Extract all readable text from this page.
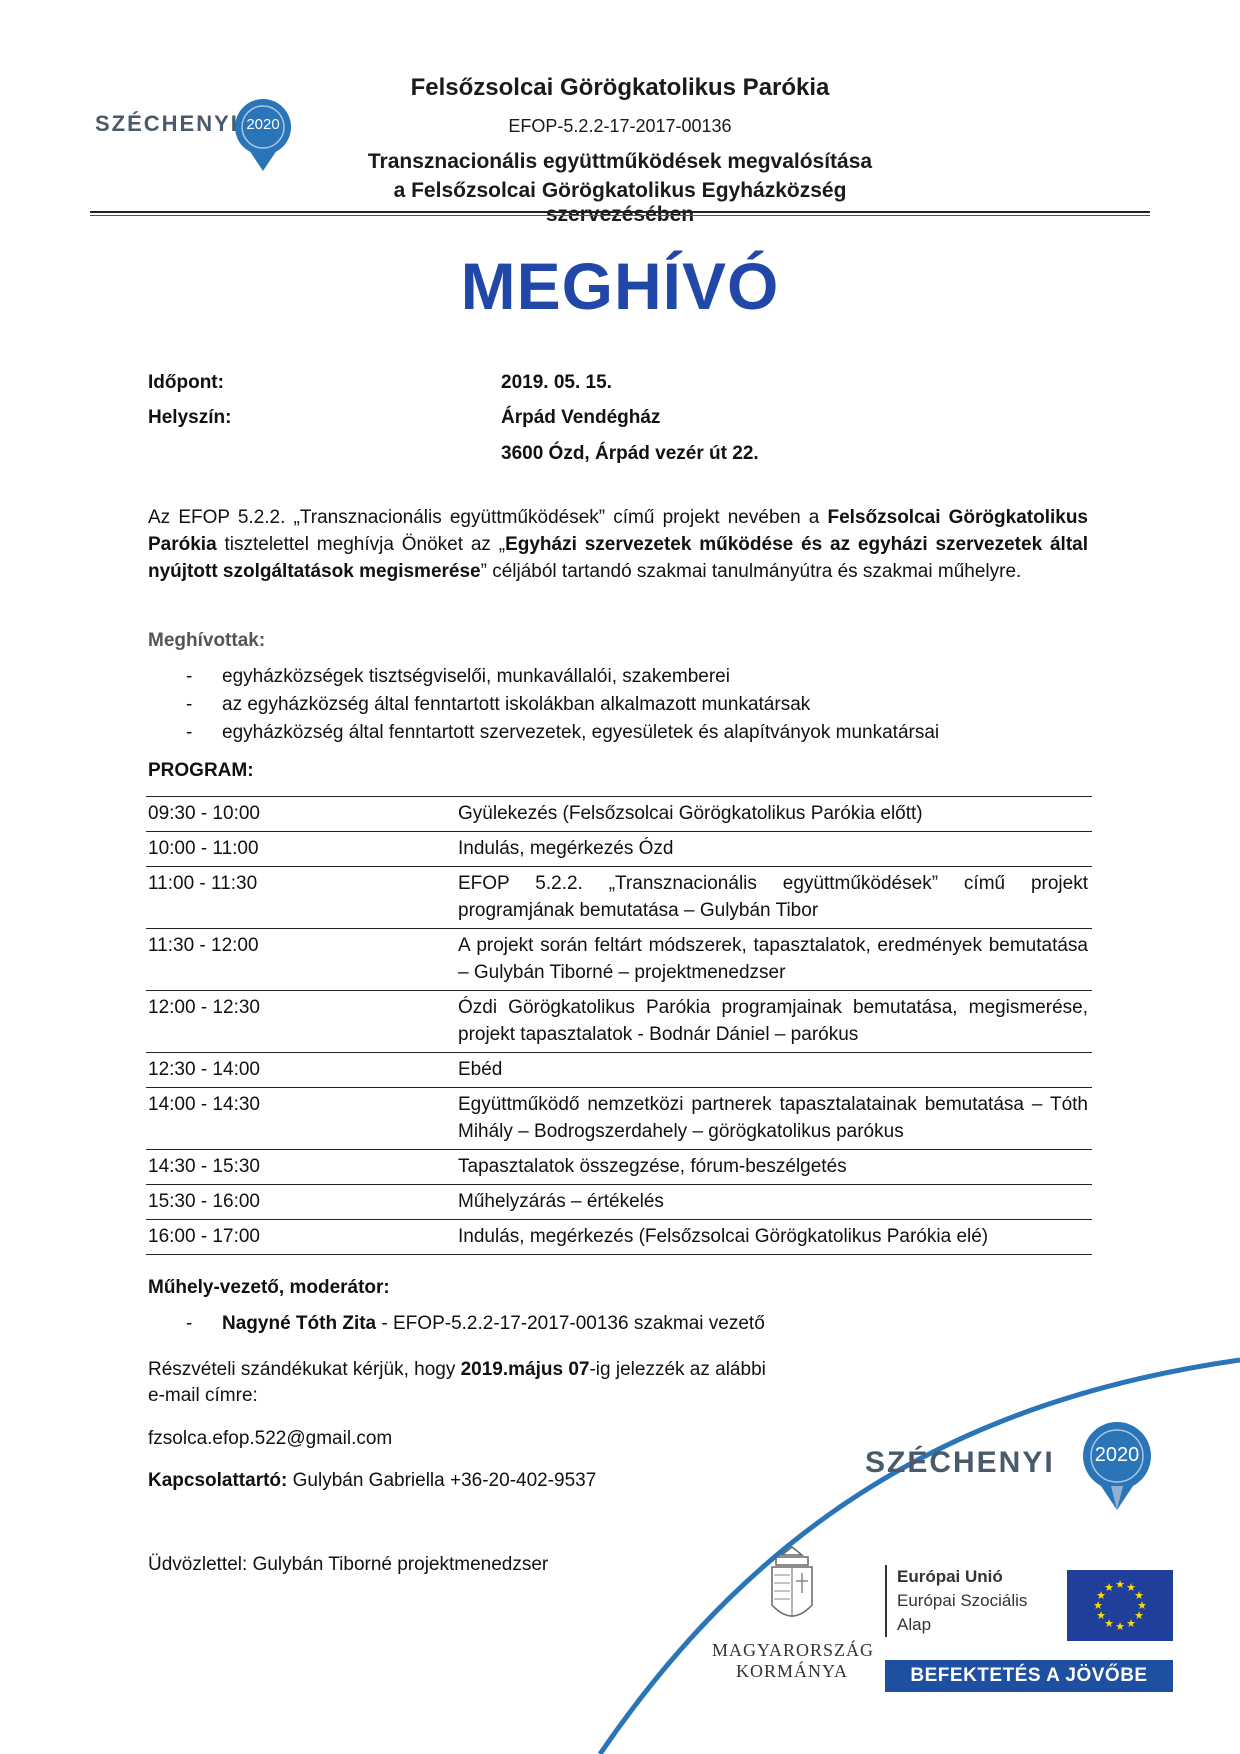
SZÉCHENYI 2020
Felsőzsolcai Görögkatolikus Parókia
EFOP-5.2.2-17-2017-00136
Transznacionális együttműködések megvalósítása
a Felsőzsolcai Görögkatolikus Egyházközség
MEGHÍVÓ
Időpont:	2019. 05. 15.
Helyszín:	Árpád Vendégház
3600 Ózd, Árpád vezér út 22.
Az EFOP 5.2.2. „Transznacionális együttműködések” című projekt nevében a Felsőzsolcai Görögkatolikus Parókia tisztelettel meghívja Önöket az „Egyházi szervezetek működése és az egyházi szervezetek által nyújtott szolgáltatások megismerése” céljából tartandó szakmai tanulmányútra és szakmai műhelyre.
Meghívottak:
-	egyházközségek tisztségviselői, munkavállalói, szakemberei
-	az egyházközség által fenntartott iskolákban alkalmazott munkatársak
-	egyházközség által fenntartott szervezetek, egyesületek és alapítványok munkatársai
PROGRAM:
09:30 - 10:00	Gyülekezés (Felsőzsolcai Görögkatolikus Parókia előtt)
10:00 - 11:00	Indulás, megérkezés Ózd
11:00 - 11:30	EFOP 5.2.2. „Transznacionális együttműködések” című projekt programjának bemutatása – Gulybán Tibor
11:30 - 12:00	A projekt során feltárt módszerek, tapasztalatok, eredmények bemutatása – Gulybán Tiborné – projektmenedzser
12:00 - 12:30	Ózdi Görögkatolikus Parókia programjainak bemutatása, megismerése, projekt tapasztalatok - Bodnár Dániel – parókus
12:30 - 14:00	Ebéd
14:00 - 14:30	Együttműködő nemzetközi partnerek tapasztalatainak bemutatása – Tóth Mihály – Bodrogszerdahely – görögkatolikus parókus
14:30 - 15:30	Tapasztalatok összegzése, fórum-beszélgetés
15:30 - 16:00	Műhelyzárás – értékelés
16:00 - 17:00	Indulás, megérkezés (Felsőzsolcai Görögkatolikus Parókia elé)
Műhely-vezető, moderátor:
-	Nagyné Tóth Zita - EFOP-5.2.2-17-2017-00136 szakmai vezető
Részvételi szándékukat kérjük, hogy 2019.május 07-ig jelezzék az alábbi e-mail címre:
fzsolca.efop.522@gmail.com
Kapcsolattartó: Gulybán Gabriella +36-20-402-9537
Üdvözlettel: Gulybán Tiborné projektmenedzser
SZÉCHENYI	2020
MAGYARORSZÁG
KORMÁNYA
Európai Unió
Európai Szociális
Alap
★ ★
★
★
★
★
★
★
★
★
★
★
BEFEKTETÉS A JÖVŐBE
